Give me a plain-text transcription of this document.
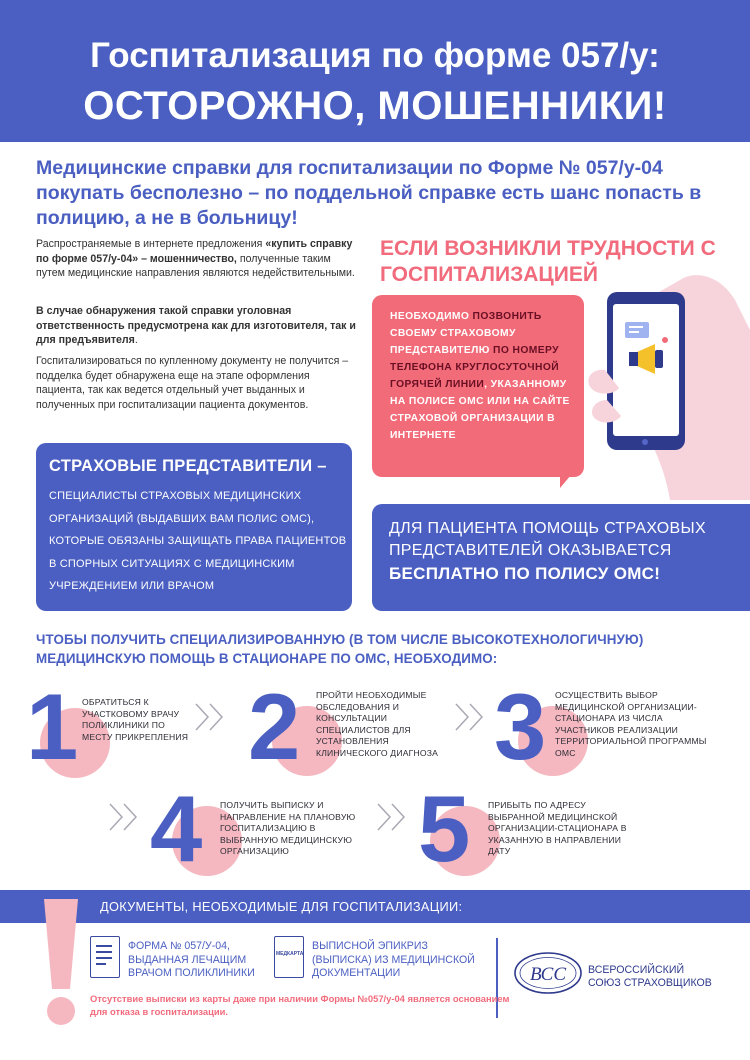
Госпитализация по форме 057/у:
ОСТОРОЖНО, МОШЕННИКИ!
Медицинские справки для госпитализации по Форме № 057/у-04 покупать бесполезно – по поддельной справке есть шанс попасть в полицию, а не в больницу!
Распространяемые в интернете предложения «купить справку по форме 057/у-04» – мошенничество, полученные таким путем медицинские направления являются недействительными.
В случае обнаружения такой справки уголовная ответственность предусмотрена как для изготовителя, так и для предъявителя.
Госпитализироваться по купленному документу не получится – подделка будет обнаружена еще на этапе оформления пациента, так как ведется отдельный учет выданных и полученных при госпитализации пациента документов.
ЕСЛИ ВОЗНИКЛИ ТРУДНОСТИ С ГОСПИТАЛИЗАЦИЕЙ
НЕОБХОДИМО ПОЗВОНИТЬ СВОЕМУ СТРАХОВОМУ ПРЕДСТАВИТЕЛЮ ПО НОМЕРУ ТЕЛЕФОНА КРУГЛОСУТОЧНОЙ ГОРЯЧЕЙ ЛИНИИ, УКАЗАННОМУ НА ПОЛИСЕ ОМС ИЛИ НА САЙТЕ СТРАХОВОЙ ОРГАНИЗАЦИИ В ИНТЕРНЕТЕ
СТРАХОВЫЕ ПРЕДСТАВИТЕЛИ –
СПЕЦИАЛИСТЫ СТРАХОВЫХ МЕДИЦИНСКИХ ОРГАНИЗАЦИЙ (ВЫДАВШИХ ВАМ ПОЛИС ОМС), КОТОРЫЕ ОБЯЗАНЫ ЗАЩИЩАТЬ ПРАВА ПАЦИЕНТОВ В СПОРНЫХ СИТУАЦИЯХ С МЕДИЦИНСКИМ УЧРЕЖДЕНИЕМ ИЛИ ВРАЧОМ
ДЛЯ ПАЦИЕНТА ПОМОЩЬ СТРАХОВЫХ
ПРЕДСТАВИТЕЛЕЙ ОКАЗЫВАЕТСЯ
БЕСПЛАТНО ПО ПОЛИСУ ОМС!
ЧТОБЫ ПОЛУЧИТЬ СПЕЦИАЛИЗИРОВАННУЮ (В ТОМ ЧИСЛЕ ВЫСОКОТЕХНОЛОГИЧНУЮ) МЕДИЦИНСКУЮ ПОМОЩЬ В СТАЦИОНАРЕ ПО ОМС, НЕОБХОДИМО:
1 ОБРАТИТЬСЯ К УЧАСТКОВОМУ ВРАЧУ ПОЛИКЛИНИКИ ПО МЕСТУ ПРИКРЕПЛЕНИЯ 2 ПРОЙТИ НЕОБХОДИМЫЕ ОБСЛЕДОВАНИЯ И КОНСУЛЬТАЦИИ СПЕЦИАЛИСТОВ ДЛЯ УСТАНОВЛЕНИЯ КЛИНИЧЕСКОГО ДИАГНОЗА 3 ОСУЩЕСТВИТЬ ВЫБОР МЕДИЦИНСКОЙ ОРГАНИЗАЦИИ-СТАЦИОНАРА ИЗ ЧИСЛА УЧАСТНИКОВ РЕАЛИЗАЦИИ ТЕРРИТОРИАЛЬНОЙ ПРОГРАММЫ ОМС
4 ПОЛУЧИТЬ ВЫПИСКУ И НАПРАВЛЕНИЕ НА ПЛАНОВУЮ ГОСПИТАЛИЗАЦИЮ В ВЫБРАННУЮ МЕДИЦИНСКУЮ ОРГАНИЗАЦИЮ	5 ПРИБЫТЬ ПО АДРЕСУ ВЫБРАННОЙ МЕДИЦИНСКОЙ ОРГАНИЗАЦИИ-СТАЦИОНАРА В УКАЗАННУЮ В НАПРАВЛЕНИИ ДАТУ
ДОКУМЕНТЫ, НЕОБХОДИМЫЕ ДЛЯ ГОСПИТАЛИЗАЦИИ:
ФОРМА № 057/У-04, ВЫДАННАЯ ЛЕЧАЩИМ ВРАЧОМ ПОЛИКЛИНИКИ
МЕДКАРТА
ВЫПИСНОЙ ЭПИКРИЗ (ВЫПИСКА) ИЗ МЕДИЦИНСКОЙ ДОКУМЕНТАЦИИ	ВСС ВСЕРОССИЙСКИЙ
СОЮЗ СТРАХОВЩИКОВ
Отсутствие выписки из карты даже при наличии Формы №057/у-04 является основанием для отказа в госпитализации.
